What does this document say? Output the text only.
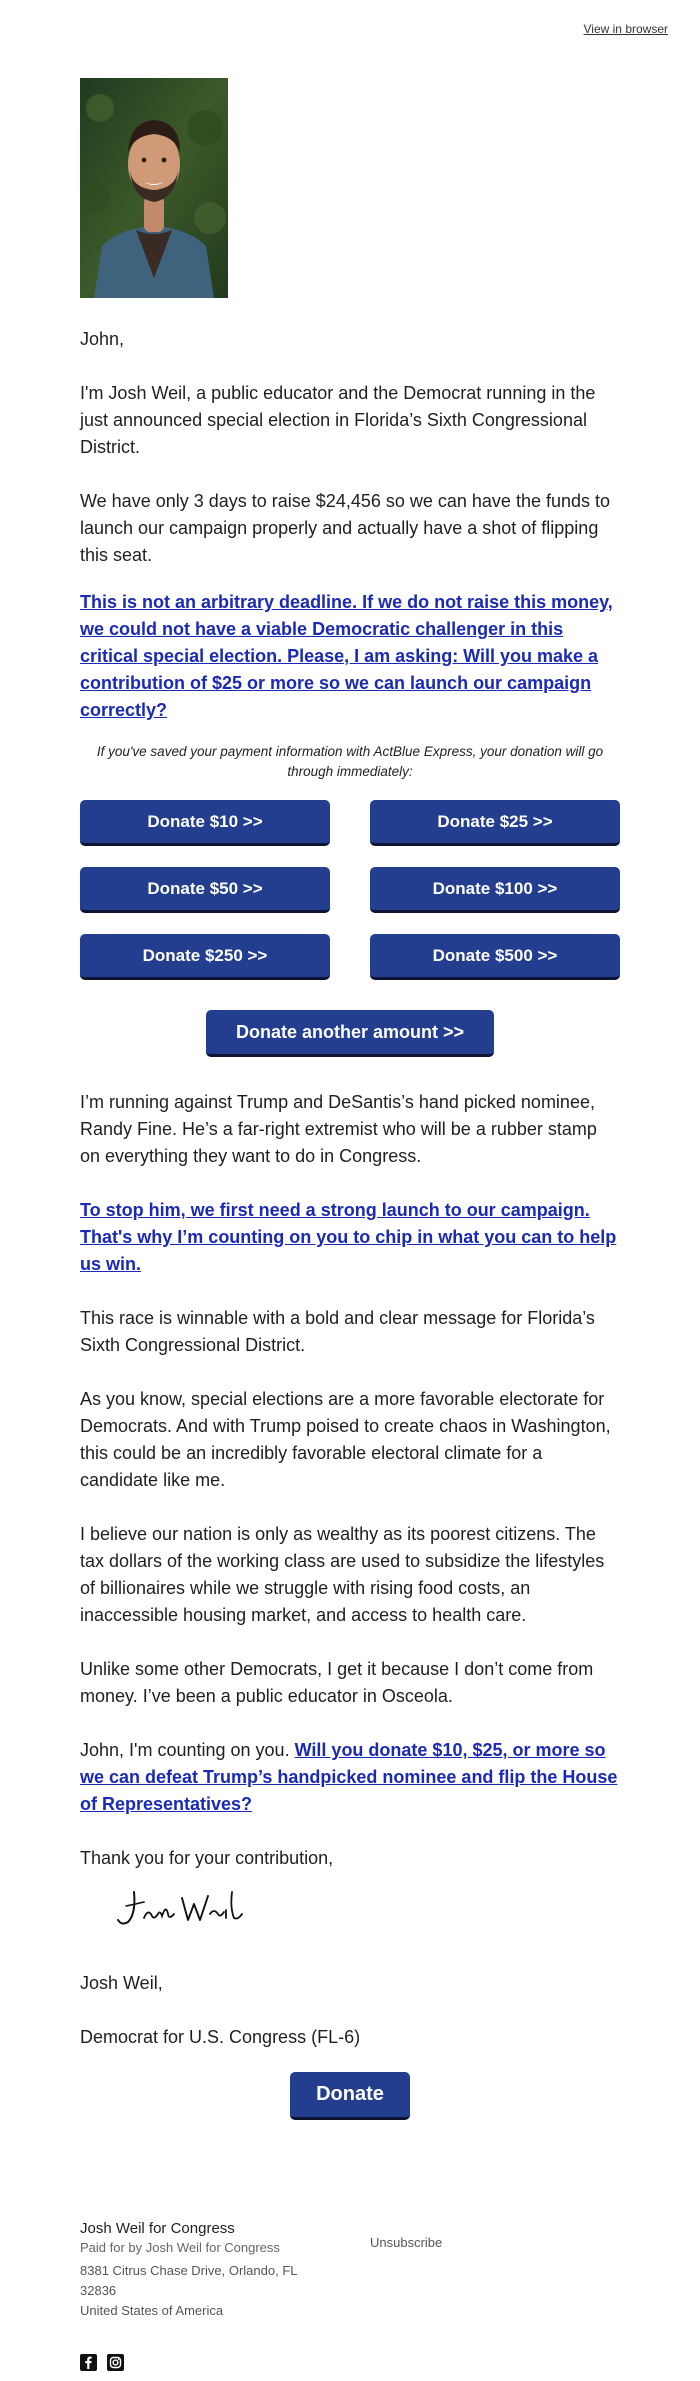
View in browser

John,

I'm Josh Weil, a public educator and the Democrat running in the just announced special election in Florida’s Sixth Congressional District.

We have only 3 days to raise $24,456 so we can have the funds to launch our campaign properly and actually have a shot of flipping this seat.

This is not an arbitrary deadline. If we do not raise this money, we could not have a viable Democratic challenger in this critical special election. Please, I am asking: Will you make a contribution of $25 or more so we can launch our campaign correctly?

If you've saved your payment information with ActBlue Express, your donation will go through immediately:

Donate $10 >>	Donate $25 >>
Donate $50 >>	Donate $100 >>
Donate $250 >>	Donate $500 >>
Donate another amount >>

I’m running against Trump and DeSantis’s hand picked nominee, Randy Fine. He’s a far-right extremist who will be a rubber stamp on everything they want to do in Congress.

To stop him, we first need a strong launch to our campaign. That's why I’m counting on you to chip in what you can to help us win.

This race is winnable with a bold and clear message for Florida’s Sixth Congressional District.

As you know, special elections are a more favorable electorate for Democrats. And with Trump poised to create chaos in Washington, this could be an incredibly favorable electoral climate for a candidate like me.

I believe our nation is only as wealthy as its poorest citizens. The tax dollars of the working class are used to subsidize the lifestyles of billionaires while we struggle with rising food costs, an inaccessible housing market, and access to health care.

Unlike some other Democrats, I get it because I don’t come from money. I’ve been a public educator in Osceola.

John, I'm counting on you. Will you donate $10, $25, or more so we can defeat Trump’s handpicked nominee and flip the House of Representatives?

Thank you for your contribution,

Josh Weil,

Democrat for U.S. Congress (FL-6)

Donate
Josh Weil for Congress
Paid for by Josh Weil for Congress
8381 Citrus Chase Drive, Orlando, FL
32836
United States of America
Unsubscribe
